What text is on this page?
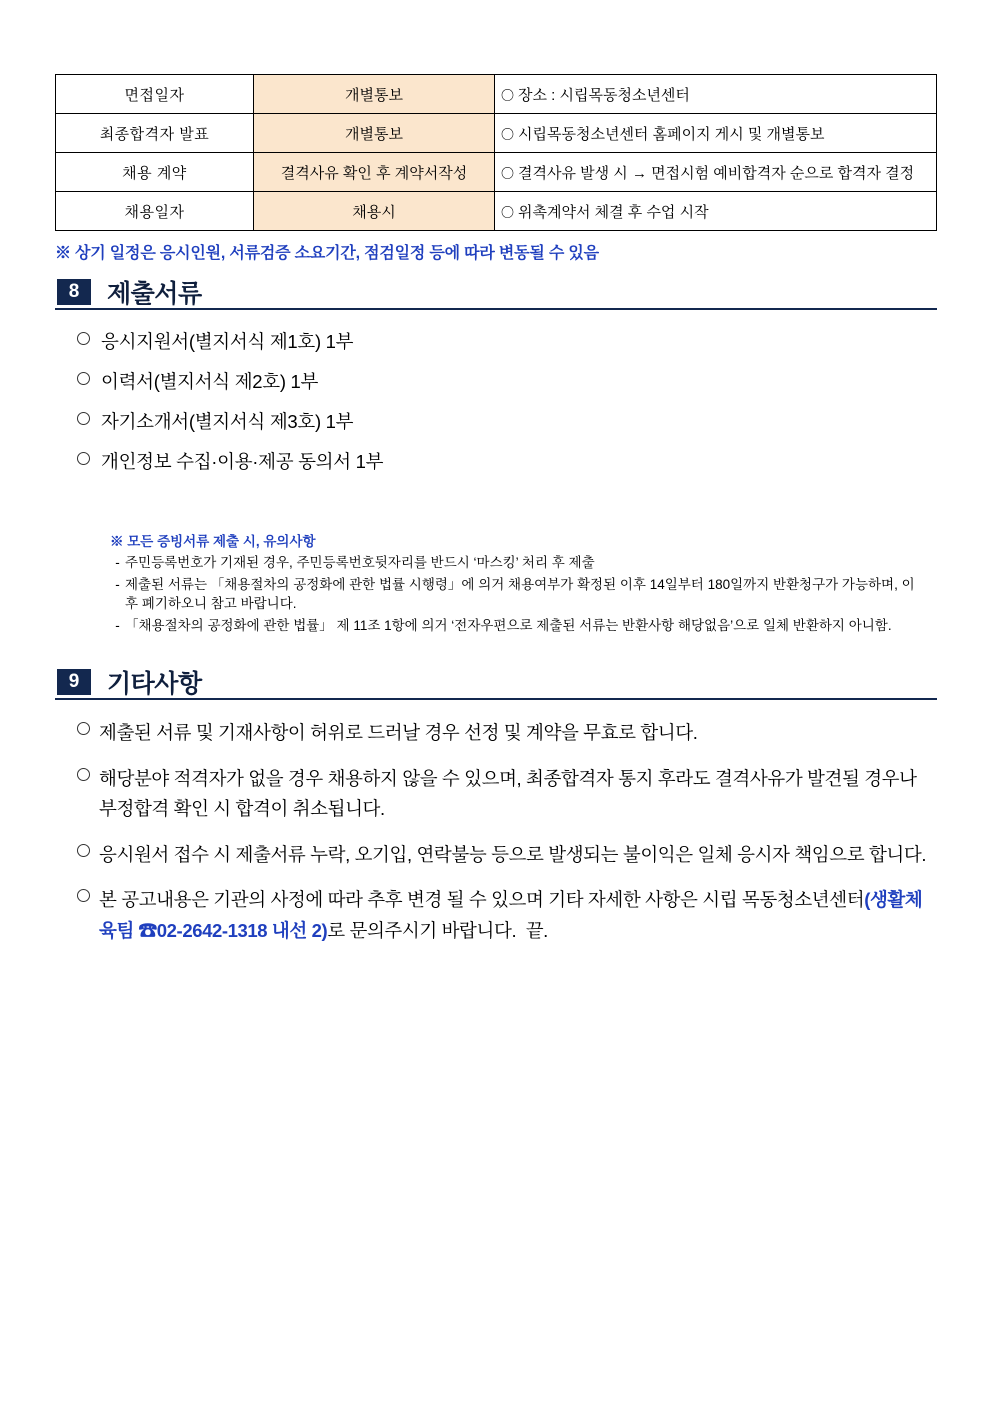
면접일자	개별통보	〇 장소 : 시립목동청소년센터
최종합격자 발표	개별통보	〇 시립목동청소년센터 홈페이지 게시 및 개별통보
채용 계약	결격사유 확인 후 계약서작성	〇 결격사유 발생 시 → 면접시험 예비합격자 순으로 합격자 결정
채용일자	채용시	〇 위촉계약서 체결 후 수업 시작
※ 상기 일정은 응시인원, 서류검증 소요기간, 점검일정 등에 따라 변동될 수 있음
8	제출서류
응시지원서(별지서식 제1호) 1부
이력서(별지서식 제2호) 1부
자기소개서(별지서식 제3호) 1부
개인정보 수집·이용·제공 동의서 1부
※ 모든 증빙서류 제출 시, 유의사항
- 주민등록번호가 기재된 경우, 주민등록번호뒷자리를 반드시 ‘마스킹’ 처리 후 제출
- 제출된 서류는 「채용절차의 공정화에 관한 법률 시행령」에 의거 채용여부가 확정된 이후 14일부터 180일까지 반환청구가 가능하며, 이후 폐기하오니 참고 바랍니다.
- 「채용절차의 공정화에 관한 법률」 제 11조 1항에 의거 ‘전자우편으로 제출된 서류는 반환사항 해당없음’으로 일체 반환하지 아니함.
9	기타사항
제출된 서류 및 기재사항이 허위로 드러날 경우 선정 및 계약을 무효로 합니다.
해당분야 적격자가 없을 경우 채용하지 않을 수 있으며, 최종합격자 통지 후라도 결격사유가 발견될 경우나 부정합격 확인 시 합격이 취소됩니다.
응시원서 접수 시 제출서류 누락, 오기입, 연락불능 등으로 발생되는 불이익은 일체 응시자 책임으로 합니다.
본 공고내용은 기관의 사정에 따라 추후 변경 될 수 있으며 기타 자세한 사항은 시립 목동청소년센터(생활체육팀 ☎02-2642-1318 내선 2)로 문의주시기 바랍니다. 끝.
